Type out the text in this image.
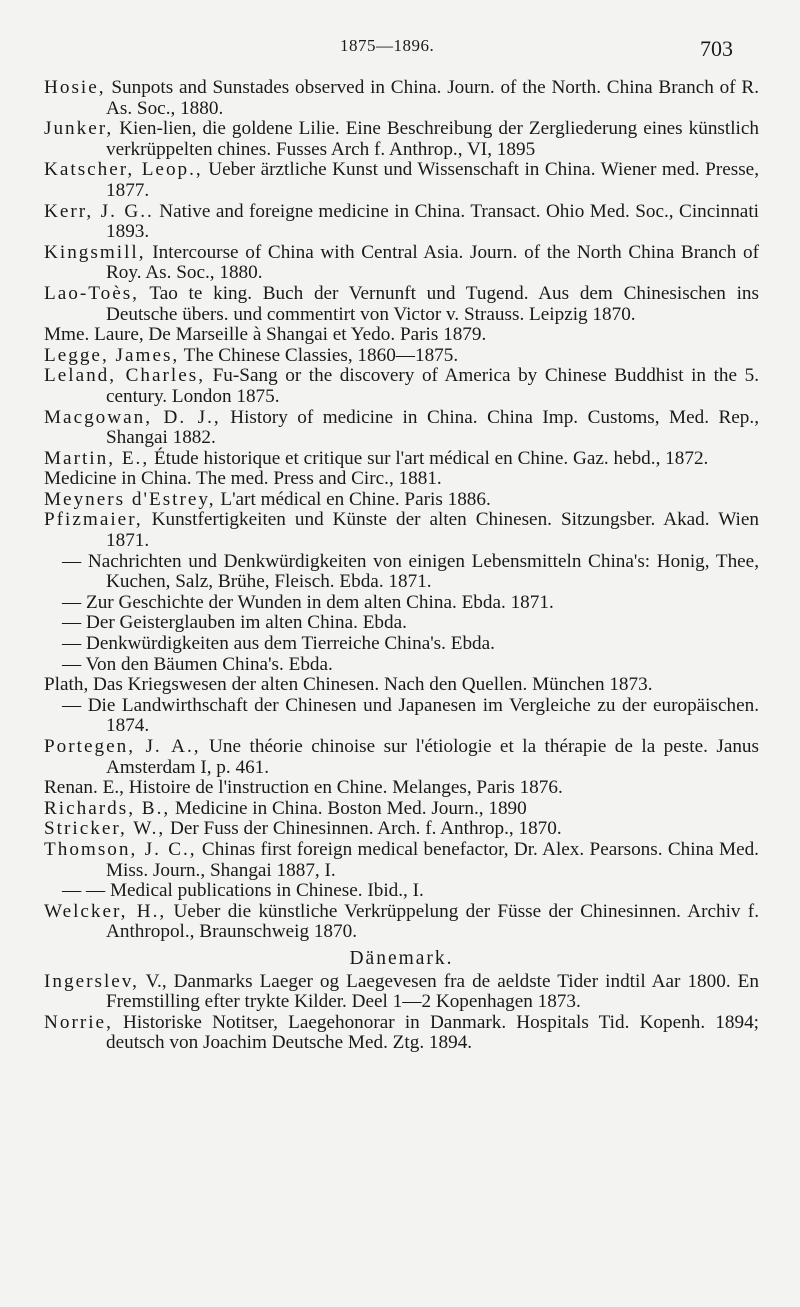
1875—1896.	703

Hosie, Sunpots and Sunstades observed in China. Journ. of the North. China Branch of R. As. Soc., 1880.

Junker, Kien-lien, die goldene Lilie. Eine Beschreibung der Zergliederung eines künstlich verkrüppelten chines. Fusses Arch f. Anthrop., VI, 1895

Katscher, Leop., Ueber ärztliche Kunst und Wissenschaft in China. Wiener med. Presse, 1877.

Kerr, J. G.. Native and foreigne medicine in China. Transact. Ohio Med. Soc., Cincinnati 1893.

Kingsmill, Intercourse of China with Central Asia. Journ. of the North China Branch of Roy. As. Soc., 1880.

Lao-Toès, Tao te king. Buch der Vernunft und Tugend. Aus dem Chinesischen ins Deutsche übers. und commentirt von Victor v. Strauss. Leipzig 1870.

Mme. Laure, De Marseille à Shangai et Yedo. Paris 1879.

Legge, James, The Chinese Classies, 1860—1875.

Leland, Charles, Fu-Sang or the discovery of America by Chinese Buddhist in the 5. century. London 1875.

Macgowan, D. J., History of medicine in China. China Imp. Customs, Med. Rep., Shangai 1882.

Martin, E., Étude historique et critique sur l'art médical en Chine. Gaz. hebd., 1872.

Medicine in China. The med. Press and Circ., 1881.

Meyners d'Estrey, L'art médical en Chine. Paris 1886.

Pfizmaier, Kunstfertigkeiten und Künste der alten Chinesen. Sitzungsber. Akad. Wien 1871.

— Nachrichten und Denkwürdigkeiten von einigen Lebensmitteln China's: Honig, Thee, Kuchen, Salz, Brühe, Fleisch. Ebda. 1871.

— Zur Geschichte der Wunden in dem alten China. Ebda. 1871.

— Der Geisterglauben im alten China. Ebda.

— Denkwürdigkeiten aus dem Tierreiche China's. Ebda.

— Von den Bäumen China's. Ebda.

Plath, Das Kriegswesen der alten Chinesen. Nach den Quellen. München 1873.

— Die Landwirthschaft der Chinesen und Japanesen im Vergleiche zu der europäischen. 1874.

Portegen, J. A., Une théorie chinoise sur l'étiologie et la thérapie de la peste. Janus Amsterdam I, p. 461.

Renan. E., Histoire de l'instruction en Chine. Melanges, Paris 1876.

Richards, B., Medicine in China. Boston Med. Journ., 1890

Stricker, W., Der Fuss der Chinesinnen. Arch. f. Anthrop., 1870.

Thomson, J. C., Chinas first foreign medical benefactor, Dr. Alex. Pearsons. China Med. Miss. Journ., Shangai 1887, I.

— — Medical publications in Chinese. Ibid., I.

Welcker, H., Ueber die künstliche Verkrüppelung der Füsse der Chinesinnen. Archiv f. Anthropol., Braunschweig 1870.

Dänemark.

Ingerslev, V., Danmarks Laeger og Laegevesen fra de aeldste Tider indtil Aar 1800. En Fremstilling efter trykte Kilder. Deel 1—2 Kopenhagen 1873.

Norrie, Historiske Notitser, Laegehonorar in Danmark. Hospitals Tid. Kopenh. 1894; deutsch von Joachim Deutsche Med. Ztg. 1894.
